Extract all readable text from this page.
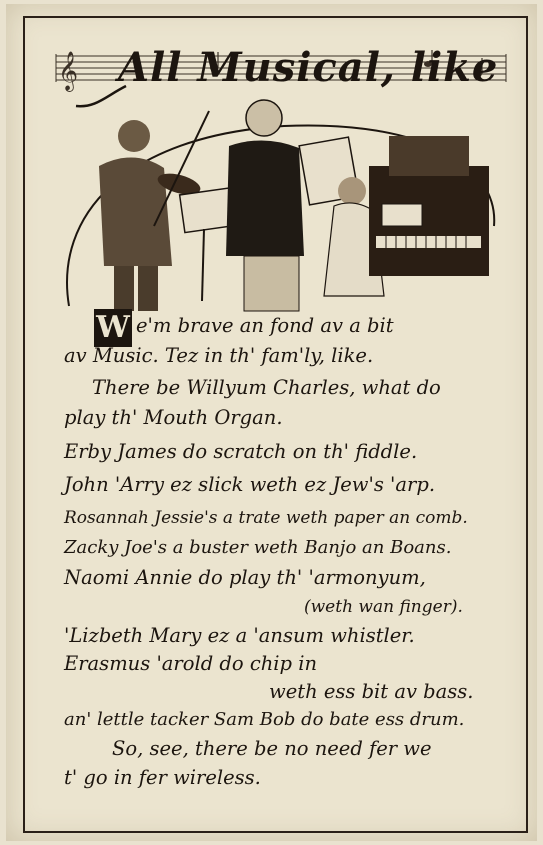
𝄞 All Musical, like
W e'm brave an fond av a bit
av Music. Tez in th' fam'ly, like.
There be Willyum Charles, what do
play th' Mouth Organ.
Erby James do scratch on th' fiddle.
John 'Arry ez slick weth ez Jew's 'arp.
Rosannah Jessie's a trate weth paper an comb.
Zacky Joe's a buster weth Banjo an Boans.
Naomi Annie do play th' 'armonyum,
(weth wan finger).
'Lizbeth Mary ez a 'ansum whistler.
Erasmus 'arold do chip in
weth ess bit av bass.
an' lettle tacker Sam Bob do bate ess drum.
So, see, there be no need fer we
t' go in fer wireless.
